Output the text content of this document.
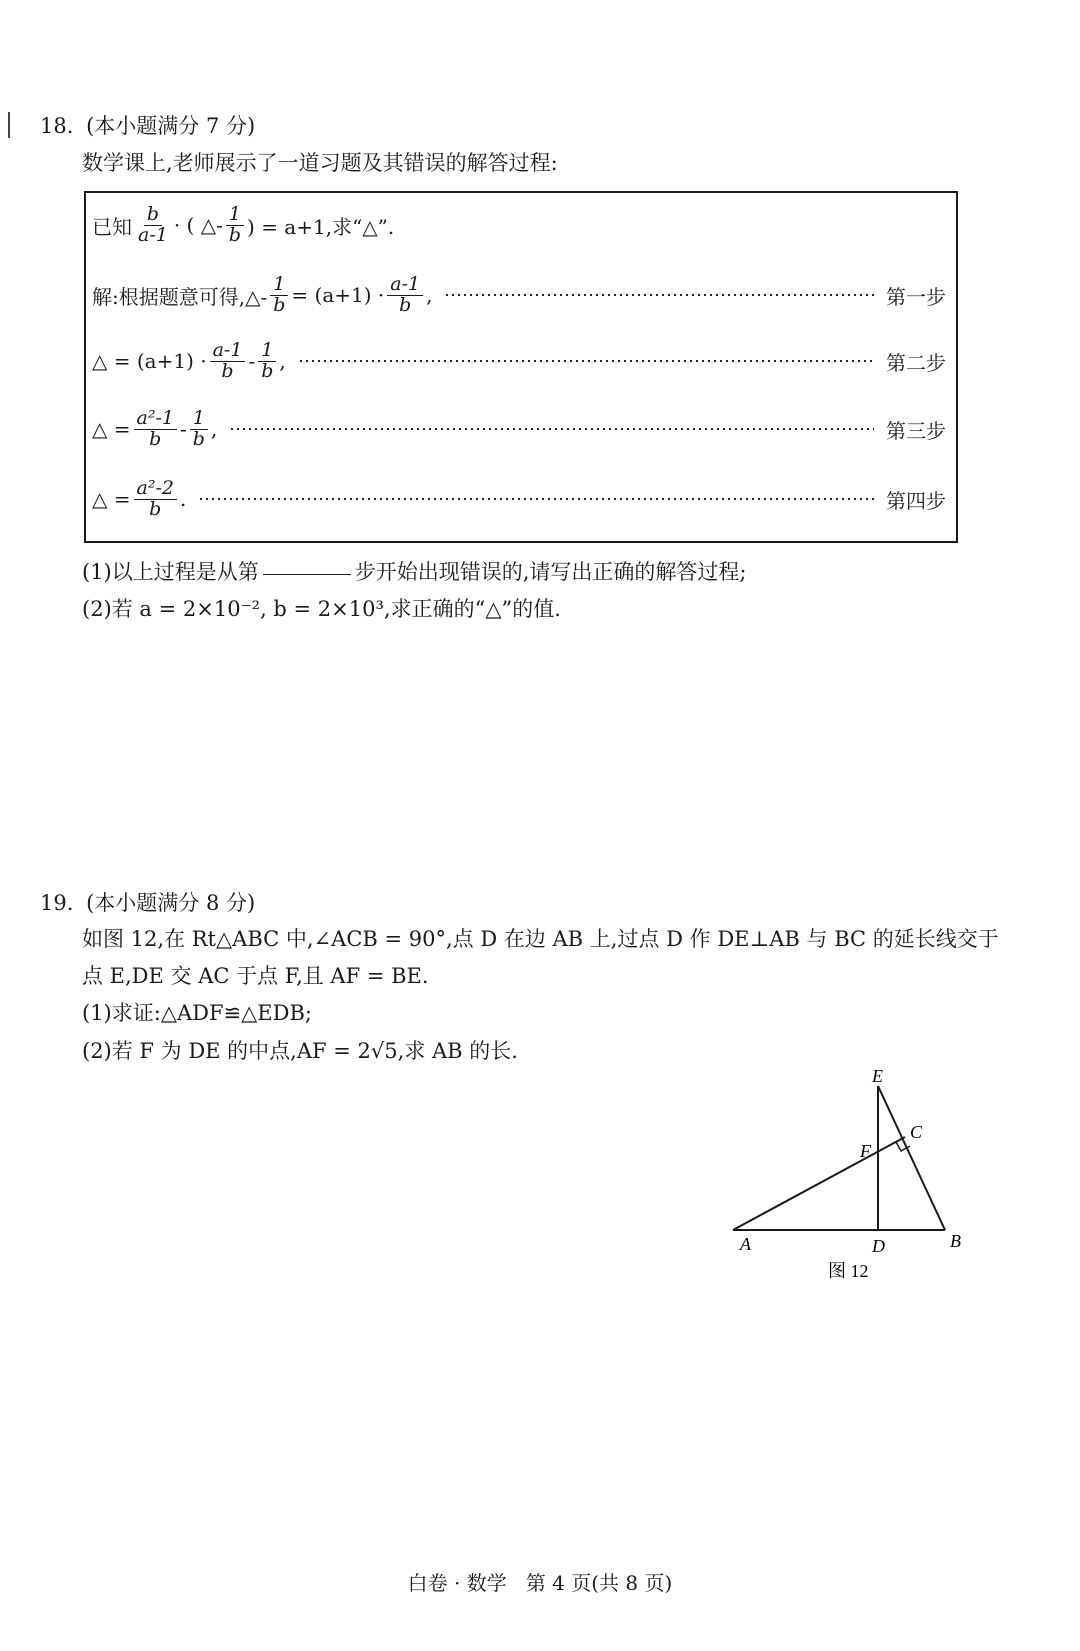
18. (本小题满分 7 分)
数学课上,老师展示了一道习题及其错误的解答过程:
已知 $\frac{b}{a-1}$ · ( △- $\frac{1}{b}$ ) = a+1,求“△”.
解:根据题意可得,△- $\frac{1}{b} = (a+1) \cdot \frac{a-1}{b}$ ,	第一步
△ = $(a+1) \cdot \frac{a-1}{b} - \frac{1}{b}$ ,	第二步
△ = $\frac{\text{a²-1}}{b} - \frac{1}{b}$ ,	第三步
△ = $\frac{\text{a²-2}}{b}$ .	第四步
(1)以上过程是从第	步开始出现错误的,请写出正确的解答过程;
(2)若 a = 2×10⁻², b = 2×10³,求正确的“△”的值.
19. (本小题满分 8 分)
如图 12,在 Rt△ABC 中,∠ACB = 90°,点 D 在边 AB 上,过点 D 作 DE⊥AB 与 BC 的延长线交于
点 E,DE 交 AC 于点 F,且 AF = BE.
(1)求证:△ADF≌△EDB;
(2)若 F 为 DE 的中点,AF = 2√5,求 AB 的长.
E
C
F
A	D	B
图 12
白卷 · 数学   第 4 页(共 8 页)
